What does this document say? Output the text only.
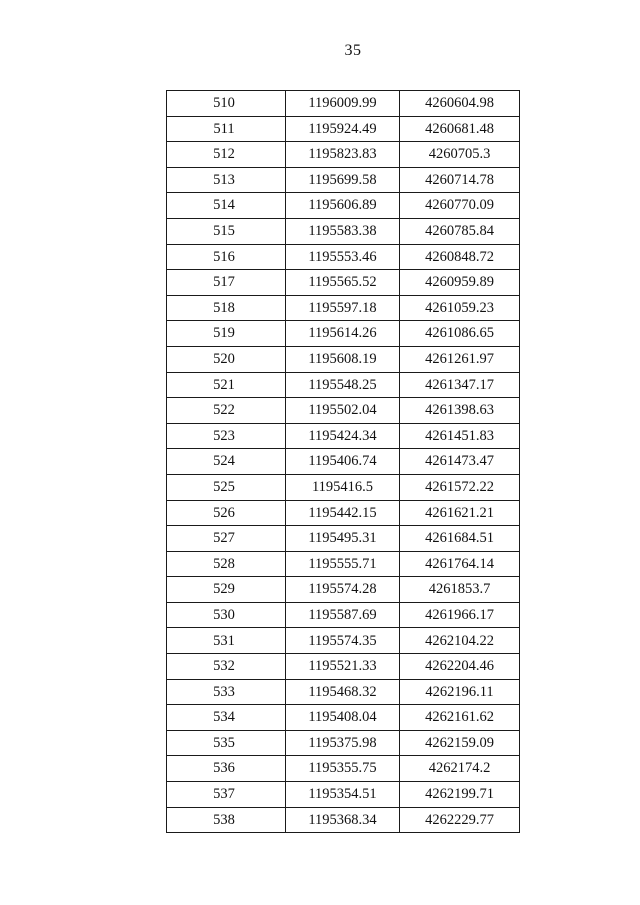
35
510	1196009.99	4260604.98
511	1195924.49	4260681.48
512	1195823.83	4260705.3
513	1195699.58	4260714.78
514	1195606.89	4260770.09
515	1195583.38	4260785.84
516	1195553.46	4260848.72
517	1195565.52	4260959.89
518	1195597.18	4261059.23
519	1195614.26	4261086.65
520	1195608.19	4261261.97
521	1195548.25	4261347.17
522	1195502.04	4261398.63
523	1195424.34	4261451.83
524	1195406.74	4261473.47
525	1195416.5	4261572.22
526	1195442.15	4261621.21
527	1195495.31	4261684.51
528	1195555.71	4261764.14
529	1195574.28	4261853.7
530	1195587.69	4261966.17
531	1195574.35	4262104.22
532	1195521.33	4262204.46
533	1195468.32	4262196.11
534	1195408.04	4262161.62
535	1195375.98	4262159.09
536	1195355.75	4262174.2
537	1195354.51	4262199.71
538	1195368.34	4262229.77
